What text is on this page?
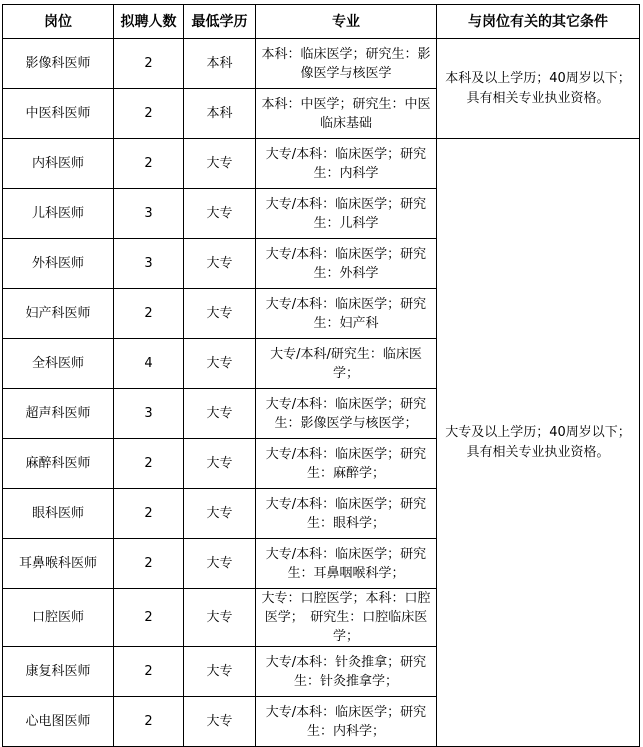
岗位	拟聘人数	最低学历	专业	与岗位有关的其它条件
影像科医师	2	本科	本科：临床医学；研究生：影像医学与核医学	本科及以上学历；40周岁以下；具有相关专业执业资格。
中医科医师	2	本科	本科：中医学；研究生：中医临床基础	
内科医师	2	大专	大专/本科：临床医学；研究生：内科学	大专及以上学历；40周岁以下；具有相关专业执业资格。
儿科医师	3	大专	大专/本科：临床医学；研究生：儿科学	
外科医师	3	大专	大专/本科：临床医学；研究生：外科学	
妇产科医师	2	大专	大专/本科：临床医学；研究生：妇产科	
全科医师	4	大专	大专/本科/研究生：临床医学；	
超声科医师	3	大专	大专/本科：临床医学；研究生：影像医学与核医学；	
麻醉科医师	2	大专	大专/本科：临床医学；研究生：麻醉学；	
眼科医师	2	大专	大专/本科：临床医学；研究生：眼科学；	
耳鼻喉科医师	2	大专	大专/本科：临床医学；研究生：耳鼻咽喉科学；	
口腔医师	2	大专	大专：口腔医学；本科：口腔医学；　研究生：口腔临床医学；	
康复科医师	2	大专	大专/本科：针灸推拿；研究生：针灸推拿学；	
心电图医师	2	大专	大专/本科：临床医学；研究生：内科学；	
